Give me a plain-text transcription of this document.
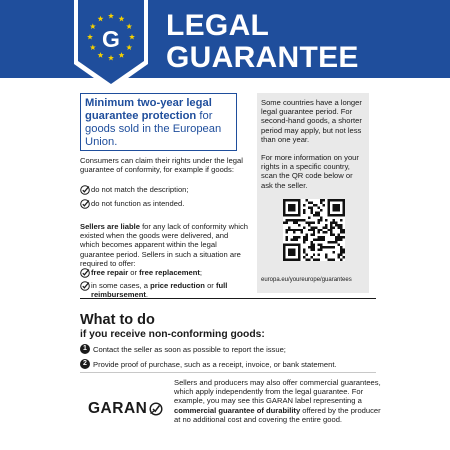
G LEGAL
GUARANTEE
Minimum two-year legal guarantee protection for goods sold in the European Union.
Consumers can claim their rights under the legal guarantee of conformity, for example if goods:
do not match the description;
do not function as intended.
Sellers are liable for any lack of conformity which existed when the goods were delivered, and which becomes apparent within the legal guarantee period. Sellers in such a situation are required to offer:
free repair or free replacement;
in some cases, a price reduction or full reimbursement.
Some countries have a longer legal guarantee period. For second-hand goods, a shorter period may apply, but not less than one year.
For more information on your rights in a specific country, scan the QR code below or ask the seller.
europa.eu/youreurope/guarantees
What to do
if you receive non-conforming goods:
1 Contact the seller as soon as possible to report the issue;
2 Provide proof of purchase, such as a receipt, invoice, or bank statement.
GARAN
Sellers and producers may also offer commercial guarantees, which apply independently from the legal guarantee. For example, you may see this GARAN label representing a commercial guarantee of durability offered by the producer at no additional cost and covering the entire good.
